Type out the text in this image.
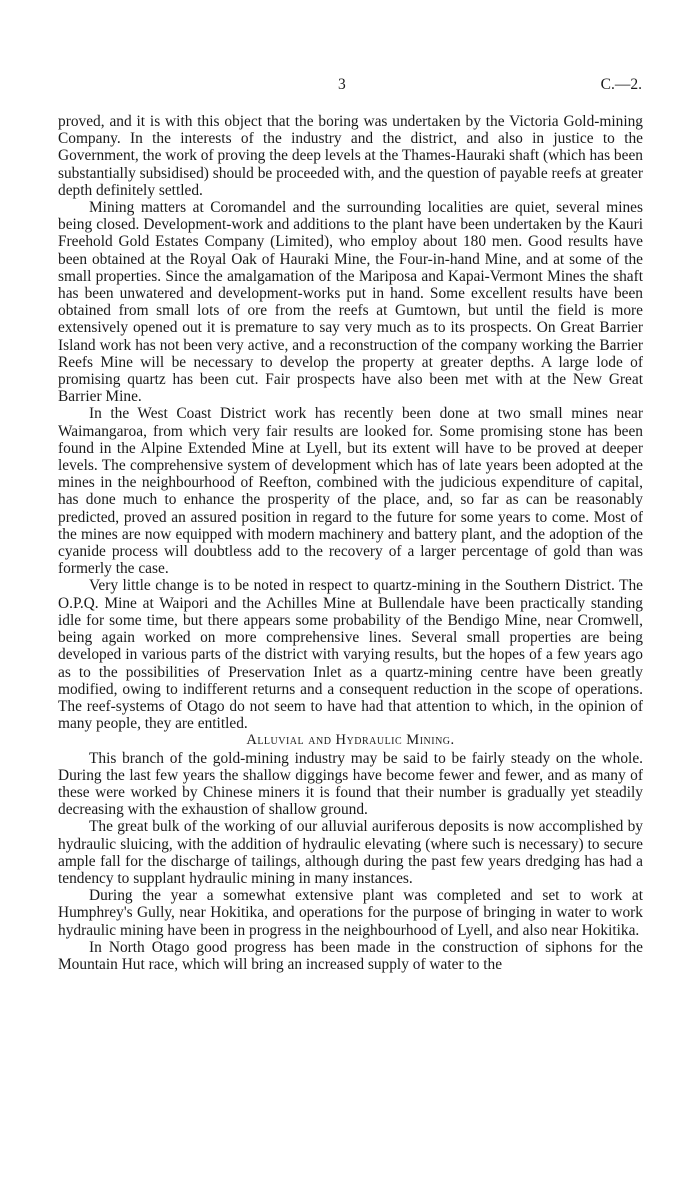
3	C.—2.

proved, and it is with this object that the boring was undertaken by the Victoria Gold-mining Company. In the interests of the industry and the district, and also in justice to the Government, the work of proving the deep levels at the Thames-Hauraki shaft (which has been substantially subsidised) should be proceeded with, and the question of payable reefs at greater depth definitely settled.

Mining matters at Coromandel and the surrounding localities are quiet, several mines being closed. Development-work and additions to the plant have been undertaken by the Kauri Freehold Gold Estates Company (Limited), who employ about 180 men. Good results have been obtained at the Royal Oak of Hauraki Mine, the Four-in-hand Mine, and at some of the small properties. Since the amalgamation of the Mariposa and Kapai-Vermont Mines the shaft has been unwatered and development-works put in hand. Some excellent results have been obtained from small lots of ore from the reefs at Gumtown, but until the field is more extensively opened out it is premature to say very much as to its prospects. On Great Barrier Island work has not been very active, and a reconstruction of the company working the Barrier Reefs Mine will be necessary to develop the property at greater depths. A large lode of promising quartz has been cut. Fair prospects have also been met with at the New Great Barrier Mine.

In the West Coast District work has recently been done at two small mines near Waimangaroa, from which very fair results are looked for. Some promising stone has been found in the Alpine Extended Mine at Lyell, but its extent will have to be proved at deeper levels. The comprehensive system of development which has of late years been adopted at the mines in the neighbourhood of Reefton, combined with the judicious expenditure of capital, has done much to enhance the prosperity of the place, and, so far as can be reasonably predicted, proved an assured position in regard to the future for some years to come. Most of the mines are now equipped with modern machinery and battery plant, and the adoption of the cyanide process will doubtless add to the recovery of a larger percentage of gold than was formerly the case.

Very little change is to be noted in respect to quartz-mining in the Southern District. The O.P.Q. Mine at Waipori and the Achilles Mine at Bullendale have been practically standing idle for some time, but there appears some probability of the Bendigo Mine, near Cromwell, being again worked on more comprehensive lines. Several small properties are being developed in various parts of the district with varying results, but the hopes of a few years ago as to the possibilities of Preservation Inlet as a quartz-mining centre have been greatly modified, owing to indifferent returns and a consequent reduction in the scope of operations. The reef-systems of Otago do not seem to have had that attention to which, in the opinion of many people, they are entitled.

Alluvial and Hydraulic Mining.

This branch of the gold-mining industry may be said to be fairly steady on the whole. During the last few years the shallow diggings have become fewer and fewer, and as many of these were worked by Chinese miners it is found that their number is gradually yet steadily decreasing with the exhaustion of shallow ground.

The great bulk of the working of our alluvial auriferous deposits is now accomplished by hydraulic sluicing, with the addition of hydraulic elevating (where such is necessary) to secure ample fall for the discharge of tailings, although during the past few years dredging has had a tendency to supplant hydraulic mining in many instances.

During the year a somewhat extensive plant was completed and set to work at Humphrey's Gully, near Hokitika, and operations for the purpose of bringing in water to work hydraulic mining have been in progress in the neighbourhood of Lyell, and also near Hokitika.

In North Otago good progress has been made in the construction of siphons for the Mountain Hut race, which will bring an increased supply of water to the
